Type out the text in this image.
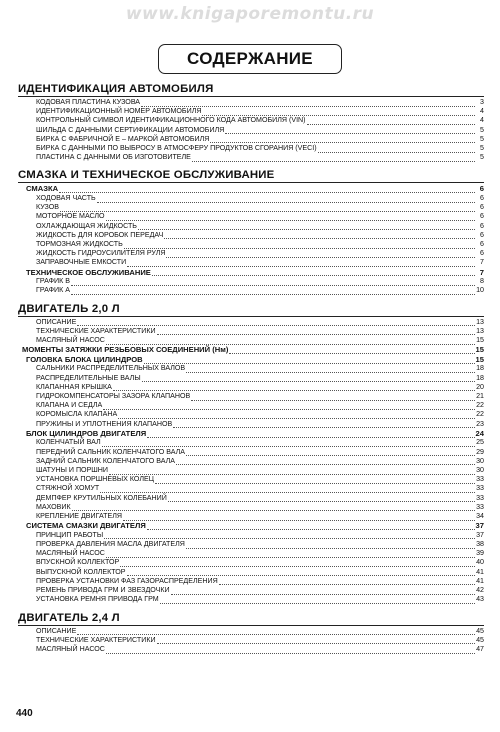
www.knigaporemontu.ru
СОДЕРЖАНИЕ
ИДЕНТИФИКАЦИЯ АВТОМОБИЛЯ
КОДОВАЯ ПЛАСТИНА КУЗОВА	3
ИДЕНТИФИКАЦИОННЫЙ НОМЕР АВТОМОБИЛЯ	4
КОНТРОЛЬНЫЙ СИМВОЛ ИДЕНТИФИКАЦИОННОГО КОДА АВТОМОБИЛЯ (VIN)	4
ШИЛЬДА С ДАННЫМИ СЕРТИФИКАЦИИ АВТОМОБИЛЯ	5
БИРКА С ФАБРИЧНОЙ Е – МАРКОЙ АВТОМОБИЛЯ	5
БИРКА С ДАННЫМИ ПО ВЫБРОСУ В АТМОСФЕРУ ПРОДУКТОВ СГОРАНИЯ (VECI)	5
ПЛАСТИНА С ДАННЫМИ ОБ ИЗГОТОВИТЕЛЕ	5
СМАЗКА И ТЕХНИЧЕСКОЕ ОБСЛУЖИВАНИЕ
СМАЗКА	6
ХОДОВАЯ ЧАСТЬ	6
КУЗОВ	6
МОТОРНОЕ МАСЛО	6
ОХЛАЖДАЮЩАЯ ЖИДКОСТЬ	6
ЖИДКОСТЬ ДЛЯ КОРОБОК ПЕРЕДАЧ	6
ТОРМОЗНАЯ ЖИДКОСТЬ	6
ЖИДКОСТЬ ГИДРОУСИЛИТЕЛЯ РУЛЯ	6
ЗАПРАВОЧНЫЕ ЕМКОСТИ	7
ТЕХНИЧЕСКОЕ ОБСЛУЖИВАНИЕ	7
ГРАФИК В	8
ГРАФИК А	10
ДВИГАТЕЛЬ 2,0 Л
ОПИСАНИЕ	13
ТЕХНИЧЕСКИЕ ХАРАКТЕРИСТИКИ	13
МАСЛЯНЫЙ НАСОС	15
МОМЕНТЫ ЗАТЯЖКИ РЕЗЬБОВЫХ СОЕДИНЕНИЙ (Нм)	15
ГОЛОВКА БЛОКА ЦИЛИНДРОВ	15
САЛЬНИКИ РАСПРЕДЕЛИТЕЛЬНЫХ ВАЛОВ	18
РАСПРЕДЕЛИТЕЛЬНЫЕ ВАЛЫ	18
КЛАПАННАЯ КРЫШКА	20
ГИДРОКОМПЕНСАТОРЫ ЗАЗОРА КЛАПАНОВ	21
КЛАПАНА И СЕДЛА	22
КОРОМЫСЛА КЛАПАНА	22
ПРУЖИНЫ И УПЛОТНЕНИЯ КЛАПАНОВ	23
БЛОК ЦИЛИНДРОВ ДВИГАТЕЛЯ	24
КОЛЕНЧАТЫЙ ВАЛ	25
ПЕРЕДНИЙ САЛЬНИК КОЛЕНЧАТОГО ВАЛА	29
ЗАДНИЙ САЛЬНИК КОЛЕНЧАТОГО ВАЛА	30
ШАТУНЫ И ПОРШНИ	30
УСТАНОВКА ПОРШНЕВЫХ КОЛЕЦ	33
СТЯЖНОЙ ХОМУТ	33
ДЕМПФЕР КРУТИЛЬНЫХ КОЛЕБАНИЙ	33
МАХОВИК	33
КРЕПЛЕНИЕ ДВИГАТЕЛЯ	34
СИСТЕМА СМАЗКИ ДВИГАТЕЛЯ	37
ПРИНЦИП РАБОТЫ	37
ПРОВЕРКА ДАВЛЕНИЯ МАСЛА ДВИГАТЕЛЯ	38
МАСЛЯНЫЙ НАСОС	39
ВПУСКНОЙ КОЛЛЕКТОР	40
ВЫПУСКНОЙ КОЛЛЕКТОР	41
ПРОВЕРКА УСТАНОВКИ ФАЗ ГАЗОРАСПРЕДЕЛЕНИЯ	41
РЕМЕНЬ ПРИВОДА ГРМ И ЗВЕЗДОЧКИ	42
УСТАНОВКА РЕМНЯ ПРИВОДА ГРМ	43
ДВИГАТЕЛЬ 2,4 Л
ОПИСАНИЕ	45
ТЕХНИЧЕСКИЕ ХАРАКТЕРИСТИКИ	45
МАСЛЯНЫЙ НАСОС	47
440
